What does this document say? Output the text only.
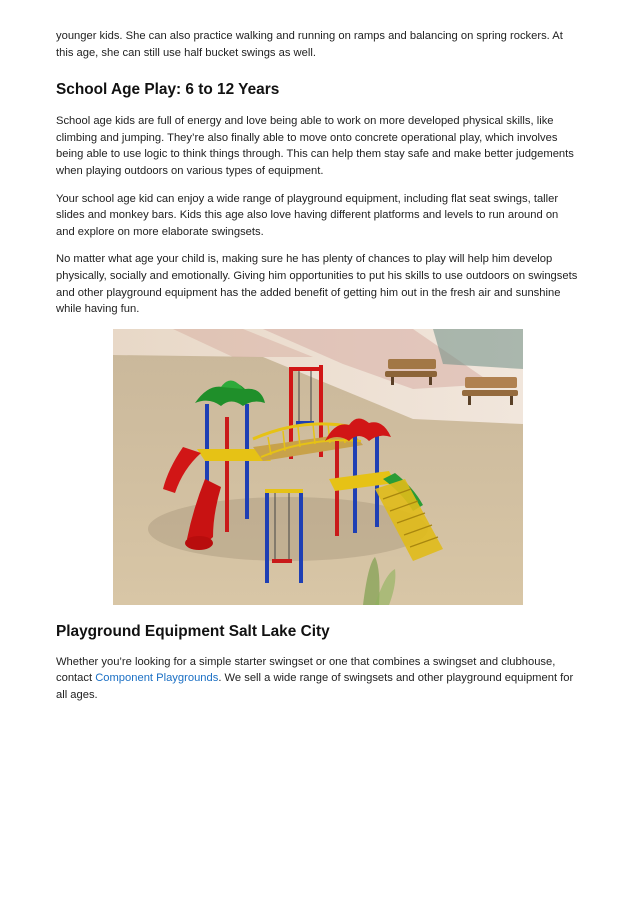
younger kids. She can also practice walking and running on ramps and balancing on spring rockers. At this age, she can still use half bucket swings as well.

School Age Play: 6 to 12 Years

School age kids are full of energy and love being able to work on more developed physical skills, like climbing and jumping. They’re also finally able to move onto concrete operational play, which involves being able to use logic to think things through. This can help them stay safe and make better judgements when playing outdoors on various types of equipment.

Your school age kid can enjoy a wide range of playground equipment, including flat seat swings, taller slides and monkey bars. Kids this age also love having different platforms and levels to run around on and explore on more elaborate swingsets.

No matter what age your child is, making sure he has plenty of chances to play will help him develop physically, socially and emotionally. Giving him opportunities to put his skills to use outdoors on swingsets and other playground equipment has the added benefit of getting him out in the fresh air and sunshine while having fun.

Playground Equipment Salt Lake City

Whether you’re looking for a simple starter swingset or one that combines a swingset and clubhouse, contact Component Playgrounds. We sell a wide range of swingsets and other playground equipment for all ages.
